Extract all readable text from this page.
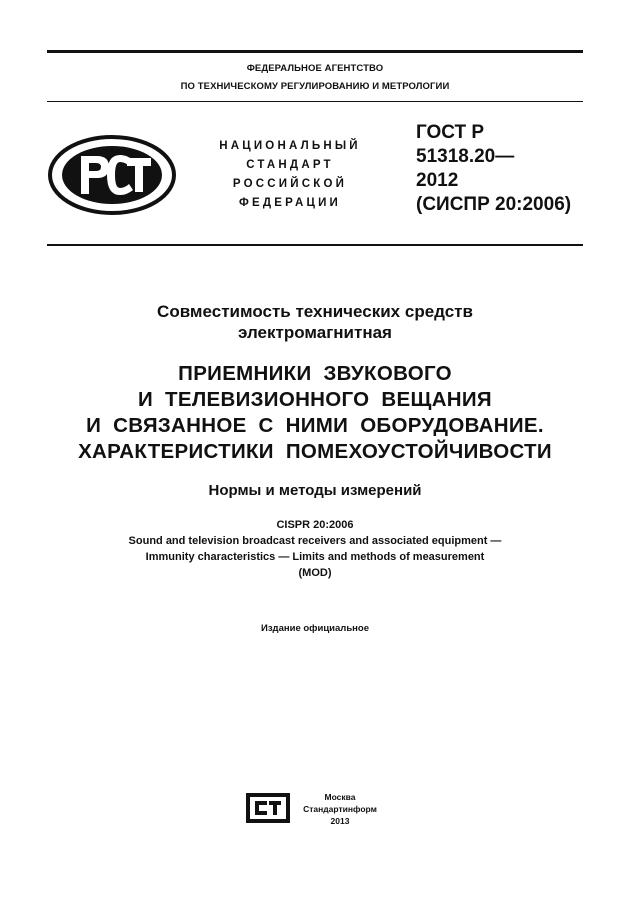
ФЕДЕРАЛЬНОЕ АГЕНТСТВО
ПО ТЕХНИЧЕСКОМУ РЕГУЛИРОВАНИЮ И МЕТРОЛОГИИ
НАЦИОНАЛЬНЫЙ
СТАНДАРТ
РОССИЙСКОЙ
ФЕДЕРАЦИИ
ГОСТ Р
51318.20—
2012
(СИСПР 20:2006)
Совместимость технических средств
электромагнитная
ПРИЕМНИКИ ЗВУКОВОГО
И ТЕЛЕВИЗИОННОГО ВЕЩАНИЯ
И СВЯЗАННОЕ С НИМИ ОБОРУДОВАНИЕ.
ХАРАКТЕРИСТИКИ ПОМЕХОУСТОЙЧИВОСТИ
Нормы и методы измерений
CISPR 20:2006
Sound and television broadcast receivers and associated equipment —
Immunity characteristics — Limits and methods of measurement
(MOD)
Издание официальное
Москва
Стандартинформ
2013
